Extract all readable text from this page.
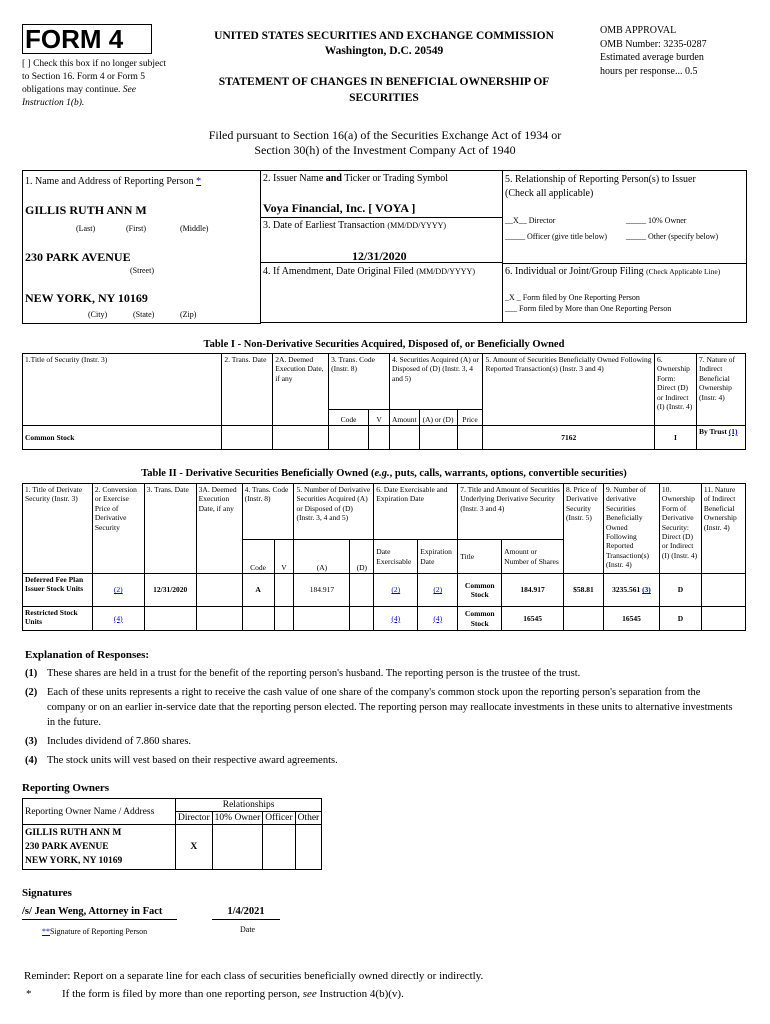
FORM 4
[ ] Check this box if no longer subject to Section 16. Form 4 or Form 5 obligations may continue. See Instruction 1(b).
UNITED STATES SECURITIES AND EXCHANGE COMMISSION
Washington, D.C. 20549
STATEMENT OF CHANGES IN BENEFICIAL OWNERSHIP OF SECURITIES
OMB APPROVAL
OMB Number: 3235-0287
Estimated average burden
hours per response... 0.5
Filed pursuant to Section 16(a) of the Securities Exchange Act of 1934 or
Section 30(h) of the Investment Company Act of 1940
1. Name and Address of Reporting Person *
GILLIS RUTH ANN M
(Last)	(First)	(Middle)
230 PARK AVENUE
(Street)
NEW YORK, NY 10169
(City)	(State)	(Zip)
2. Issuer Name and Ticker or Trading Symbol
Voya Financial, Inc. [ VOYA ]
3. Date of Earliest Transaction (MM/DD/YYYY)
12/31/2020
4. If Amendment, Date Original Filed (MM/DD/YYYY)
5. Relationship of Reporting Person(s) to Issuer
(Check all applicable)
__X__ Director	_____ 10% Owner
_____ Officer (give title below) _____ Other (specify below)
6. Individual or Joint/Group Filing (Check Applicable Line)
_X _ Form filed by One Reporting Person
___ Form filed by More than One Reporting Person
Table I - Non-Derivative Securities Acquired, Disposed of, or Beneficially Owned
1.Title of Security (Instr. 3)	2. Trans. Date	2A. Deemed Execution Date, if any	3. Trans. Code (Instr. 8)		4. Securities Acquired (A) or Disposed of (D) (Instr. 3, 4 and 5)			5. Amount of Securities Beneficially Owned Following Reported Transaction(s) (Instr. 3 and 4)	6. Ownership Form: Direct (D) or Indirect (I) (Instr. 4)	7. Nature of Indirect Beneficial Ownership (Instr. 4)
			Code	V	Amount	(A) or (D)	Price			
Common Stock								7162	I	By Trust (1)
Table II - Derivative Securities Beneficially Owned (e.g., puts, calls, warrants, options, convertible securities)
1. Title of Derivate Security (Instr. 3)	2. Conversion or Exercise Price of Derivative Security	3. Trans. Date	3A. Deemed Execution Date, if any	4. Trans. Code (Instr. 8)		5. Number of Derivative Securities Acquired (A) or Disposed of (D) (Instr. 3, 4 and 5)		6. Date Exercisable and Expiration Date		7. Title and Amount of Securities Underlying Derivative Security (Instr. 3 and 4)		8. Price of Derivative Security (Instr. 5)	9. Number of derivative Securities Beneficially Owned Following Reported Transaction(s) (Instr. 4)	10. Ownership Form of Derivative Security: Direct (D) or Indirect (I) (Instr. 4)	11. Nature of Indirect Beneficial Ownership (Instr. 4)
				Code	V	(A)	(D)	Date Exercisable	Expiration Date	Title	Amount or Number of Shares				
Deferred Fee Plan Issuer Stock Units	(2)	12/31/2020		A		184.917		(2)	(2)	Common Stock	184.917	$58.81	3235.561 (3)	D	
Restricted Stock Units	(4)							(4)	(4)	Common Stock	16545		16545	D	
Explanation of Responses:
(1) These shares are held in a trust for the benefit of the reporting person's husband. The reporting person is the trustee of the trust.
(2) Each of these units represents a right to receive the cash value of one share of the company's common stock upon the reporting person's separation from the company or on an earlier in-service date that the reporting person elected. The reporting person may reallocate investments in these units to alternative investments in the future.
(3) Includes dividend of 7.860 shares.
(4) The stock units will vest based on their respective award agreements.
Reporting Owners
Reporting Owner Name / Address	Relationships			
	Director	10% Owner	Officer	Other

GILLIS RUTH ANN M
230 PARK AVENUE
NEW YORK, NY 10169	X			
Signatures
/s/ Jean Weng, Attorney in Fact	1/4/2021
**Signature of Reporting Person	Date
Reminder: Report on a separate line for each class of securities beneficially owned directly or indirectly.
*	If the form is filed by more than one reporting person, see Instruction 4(b)(v).
